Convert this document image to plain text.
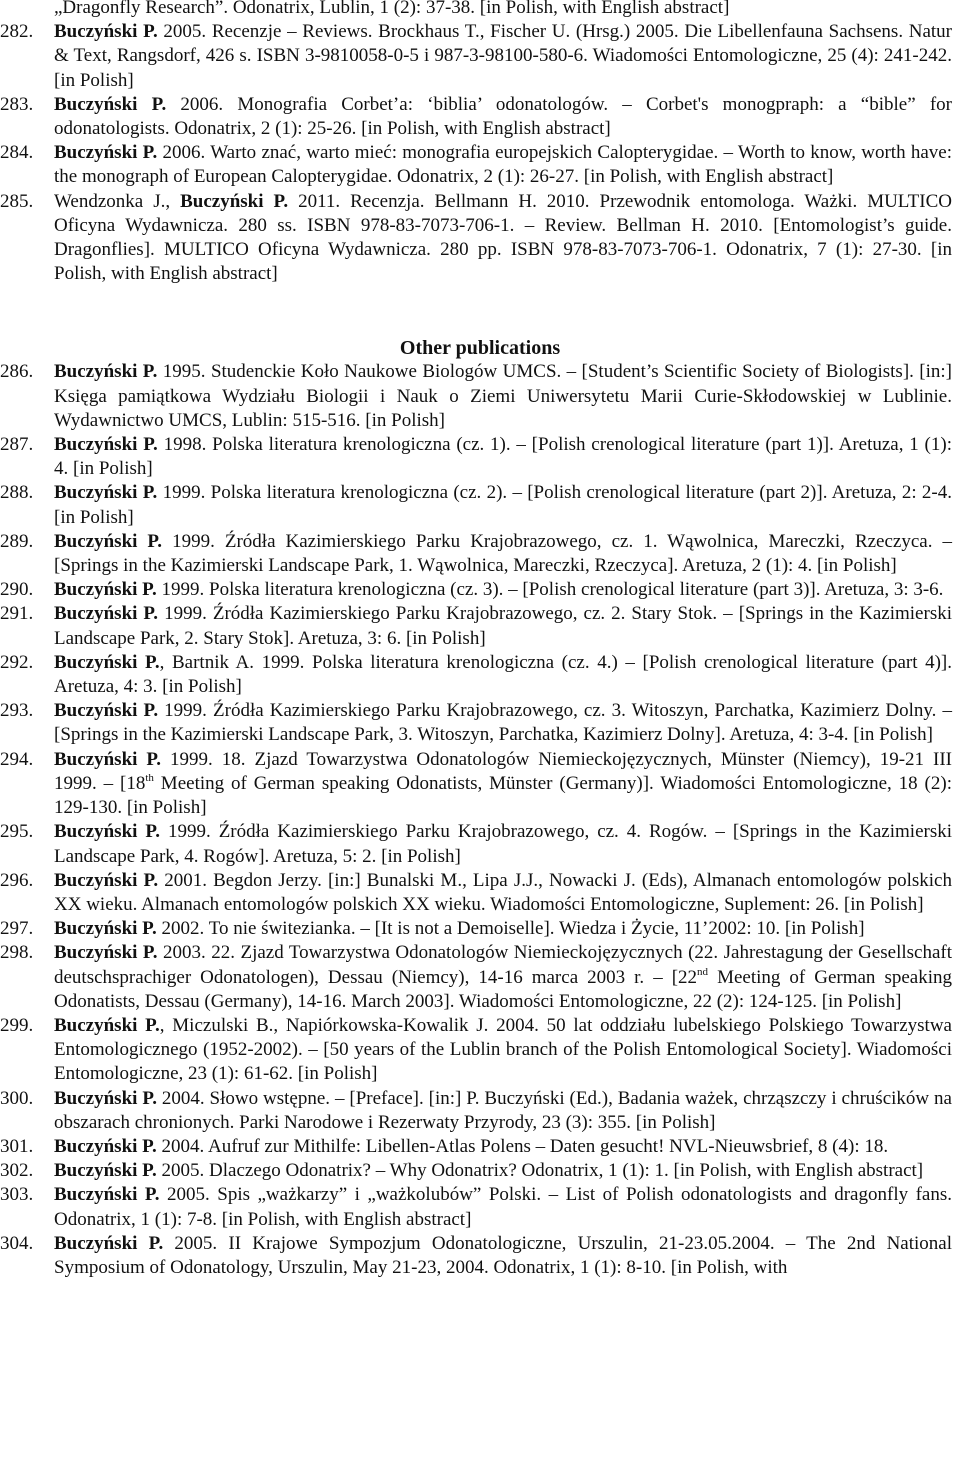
„Dragonfly Research”. Odonatrix, Lublin, 1 (2): 37-38. [in Polish, with English abstract]
282.	Buczyński P. 2005. Recenzje – Reviews. Brockhaus T., Fischer U. (Hrsg.) 2005. Die Libellenfauna Sachsens. Natur & Text, Rangsdorf, 426 s. ISBN 3-9810058-0-5 i 987-3-98100-580-6. Wiadomości Entomologiczne, 25 (4): 241-242. [in Polish]
283.	Buczyński P. 2006. Monografia Corbet’a: ‘biblia’ odonatologów. – Corbet's monogpraph: a “bible” for odonatologists. Odonatrix, 2 (1): 25-26. [in Polish, with English abstract]
284.	Buczyński P. 2006. Warto znać, warto mieć: monografia europejskich Calopterygidae. – Worth to know, worth have: the monograph of European Calopterygidae. Odonatrix, 2 (1): 26-27. [in Polish, with English abstract]
285.	Wendzonka J., Buczyński P. 2011. Recenzja. Bellmann H. 2010. Przewodnik entomologa. Ważki. MULTICO Oficyna Wydawnicza. 280 ss. ISBN 978-83-7073-706-1. – Review. Bellman H. 2010. [Entomologist’s guide. Dragonflies]. MULTICO Oficyna Wydawnicza. 280 pp. ISBN 978-83-7073-706-1. Odonatrix, 7 (1): 27-30. [in Polish, with English abstract]
Other publications
286.	Buczyński P. 1995. Studenckie Koło Naukowe Biologów UMCS. – [Student’s Scientific Society of Biologists]. [in:] Księga pamiątkowa Wydziału Biologii i Nauk o Ziemi Uniwersytetu Marii Curie-Skłodowskiej w Lublinie. Wydawnictwo UMCS, Lublin: 515-516. [in Polish]
287.	Buczyński P. 1998. Polska literatura krenologiczna (cz. 1). – [Polish crenological literature (part 1)]. Aretuza, 1 (1): 4. [in Polish]
288.	Buczyński P. 1999. Polska literatura krenologiczna (cz. 2). – [Polish crenological literature (part 2)]. Aretuza, 2: 2-4. [in Polish]
289.	Buczyński P. 1999. Źródła Kazimierskiego Parku Krajobrazowego, cz. 1. Wąwolnica, Mareczki, Rzeczyca. – [Springs in the Kazimierski Landscape Park, 1. Wąwolnica, Mareczki, Rzeczyca]. Aretuza, 2 (1): 4. [in Polish]
290.	Buczyński P. 1999. Polska literatura krenologiczna (cz. 3). – [Polish crenological literature (part 3)]. Aretuza, 3: 3-6.
291.	Buczyński P. 1999. Źródła Kazimierskiego Parku Krajobrazowego, cz. 2. Stary Stok. – [Springs in the Kazimierski Landscape Park, 2. Stary Stok]. Aretuza, 3: 6. [in Polish]
292.	Buczyński P., Bartnik A. 1999. Polska literatura krenologiczna (cz. 4.) – [Polish crenological literature (part 4)]. Aretuza, 4: 3. [in Polish]
293.	Buczyński P. 1999. Źródła Kazimierskiego Parku Krajobrazowego, cz. 3. Witoszyn, Parchatka, Kazimierz Dolny. – [Springs in the Kazimierski Landscape Park, 3. Witoszyn, Parchatka, Kazimierz Dolny]. Aretuza, 4: 3-4. [in Polish]
294.	Buczyński P. 1999. 18. Zjazd Towarzystwa Odonatologów Niemieckojęzycznych, Münster (Niemcy), 19-21 III 1999. – [18th Meeting of German speaking Odonatists, Münster (Germany)]. Wiadomości Entomologiczne, 18 (2): 129-130. [in Polish]
295.	Buczyński P. 1999. Źródła Kazimierskiego Parku Krajobrazowego, cz. 4. Rogów. – [Springs in the Kazimierski Landscape Park, 4. Rogów]. Aretuza, 5: 2. [in Polish]
296.	Buczyński P. 2001. Begdon Jerzy. [in:] Bunalski M., Lipa J.J., Nowacki J. (Eds), Almanach entomologów polskich XX wieku. Almanach entomologów polskich XX wieku. Wiadomości Entomologiczne, Suplement: 26. [in Polish]
297.	Buczyński P. 2002. To nie świtezianka. – [It is not a Demoiselle]. Wiedza i Życie, 11’2002: 10. [in Polish]
298.	Buczyński P. 2003. 22. Zjazd Towarzystwa Odonatologów Niemieckojęzycznych (22. Jahrestagung der Gesellschaft deutschsprachiger Odonatologen), Dessau (Niemcy), 14-16 marca 2003 r. – [22nd Meeting of German speaking Odonatists, Dessau (Germany), 14-16. March 2003]. Wiadomości Entomologiczne, 22 (2): 124-125. [in Polish]
299.	Buczyński P., Miczulski B., Napiórkowska-Kowalik J. 2004. 50 lat oddziału lubelskiego Polskiego Towarzystwa Entomologicznego (1952-2002). – [50 years of the Lublin branch of the Polish Entomological Society]. Wiadomości Entomologiczne, 23 (1): 61-62. [in Polish]
300.	Buczyński P. 2004. Słowo wstępne. – [Preface]. [in:] P. Buczyński (Ed.), Badania ważek, chrząszczy i chruścików na obszarach chronionych. Parki Narodowe i Rezerwaty Przyrody, 23 (3): 355. [in Polish]
301.	Buczyński P. 2004. Aufruf zur Mithilfe: Libellen-Atlas Polens – Daten gesucht! NVL-Nieuwsbrief, 8 (4): 18.
302.	Buczyński P. 2005. Dlaczego Odonatrix? – Why Odonatrix? Odonatrix, 1 (1): 1. [in Polish, with English abstract]
303.	Buczyński P. 2005. Spis „ważkarzy” i „ważkolubów” Polski. – List of Polish odonatologists and dragonfly fans. Odonatrix, 1 (1): 7-8. [in Polish, with English abstract]
304.	Buczyński P. 2005. II Krajowe Sympozjum Odonatologiczne, Urszulin, 21-23.05.2004. – The 2nd National Symposium of Odonatology, Urszulin, May 21-23, 2004. Odonatrix, 1 (1): 8-10. [in Polish, with
